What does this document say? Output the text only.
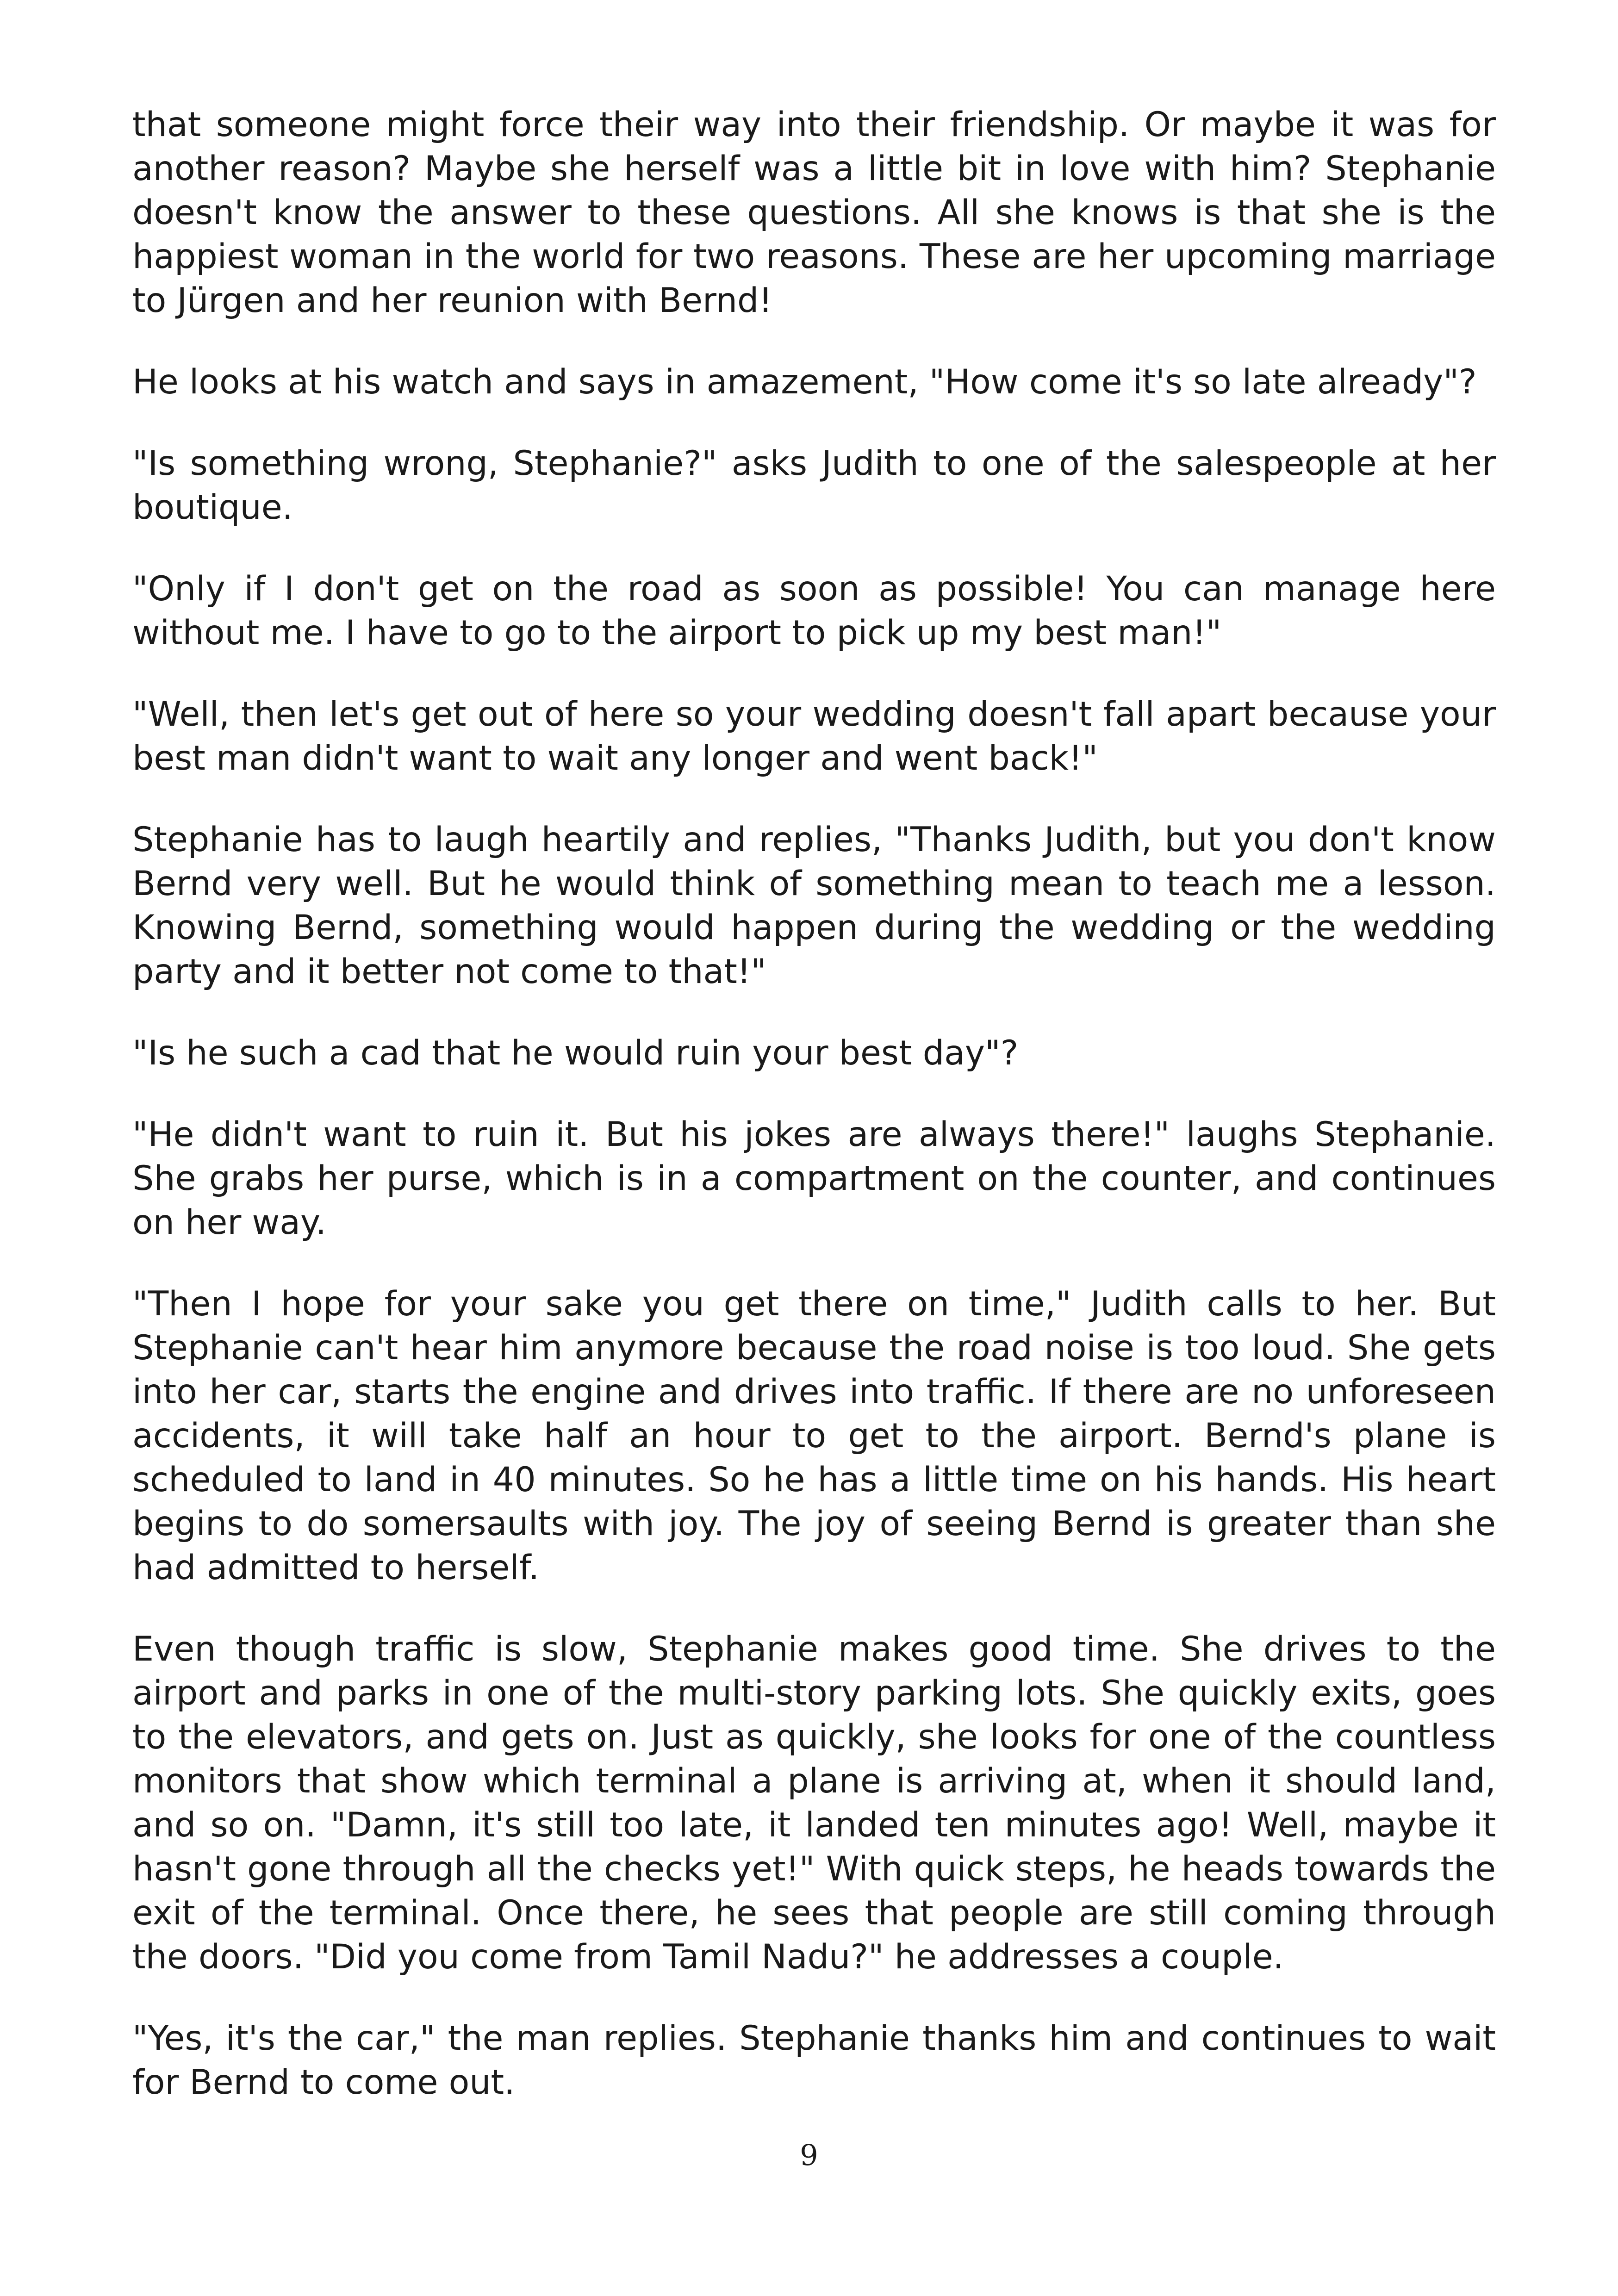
that someone might force their way into their friendship. Or maybe it was for another reason? Maybe she herself was a little bit in love with him? Stephanie doesn't know the answer to these questions. All she knows is that she is the happiest woman in the world for two reasons. These are her upcoming marriage to Jürgen and her reunion with Bernd!

He looks at his watch and says in amazement, "How come it's so late already"?

"Is something wrong, Stephanie?" asks Judith to one of the salespeople at her boutique.

"Only if I don't get on the road as soon as possible! You can manage here without me. I have to go to the airport to pick up my best man!"

"Well, then let's get out of here so your wedding doesn't fall apart because your best man didn't want to wait any longer and went back!"

Stephanie has to laugh heartily and replies, "Thanks Judith, but you don't know Bernd very well. But he would think of something mean to teach me a lesson. Knowing Bernd, something would happen during the wedding or the wedding party and it better not come to that!"

"Is he such a cad that he would ruin your best day"?

"He didn't want to ruin it. But his jokes are always there!" laughs Stephanie. She grabs her purse, which is in a compartment on the counter, and continues on her way.

"Then I hope for your sake you get there on time," Judith calls to her. But Stephanie can't hear him anymore because the road noise is too loud. She gets into her car, starts the engine and drives into traffic. If there are no unforeseen accidents, it will take half an hour to get to the airport. Bernd's plane is scheduled to land in 40 minutes. So he has a little time on his hands. His heart begins to do somersaults with joy. The joy of seeing Bernd is greater than she had admitted to herself.

Even though traffic is slow, Stephanie makes good time. She drives to the airport and parks in one of the multi-story parking lots. She quickly exits, goes to the elevators, and gets on. Just as quickly, she looks for one of the countless monitors that show which terminal a plane is arriving at, when it should land, and so on. "Damn, it's still too late, it landed ten minutes ago! Well, maybe it hasn't gone through all the checks yet!" With quick steps, he heads towards the exit of the terminal. Once there, he sees that people are still coming through the doors. "Did you come from Tamil Nadu?" he addresses a couple.

"Yes, it's the car," the man replies. Stephanie thanks him and continues to wait for Bernd to come out.

9
